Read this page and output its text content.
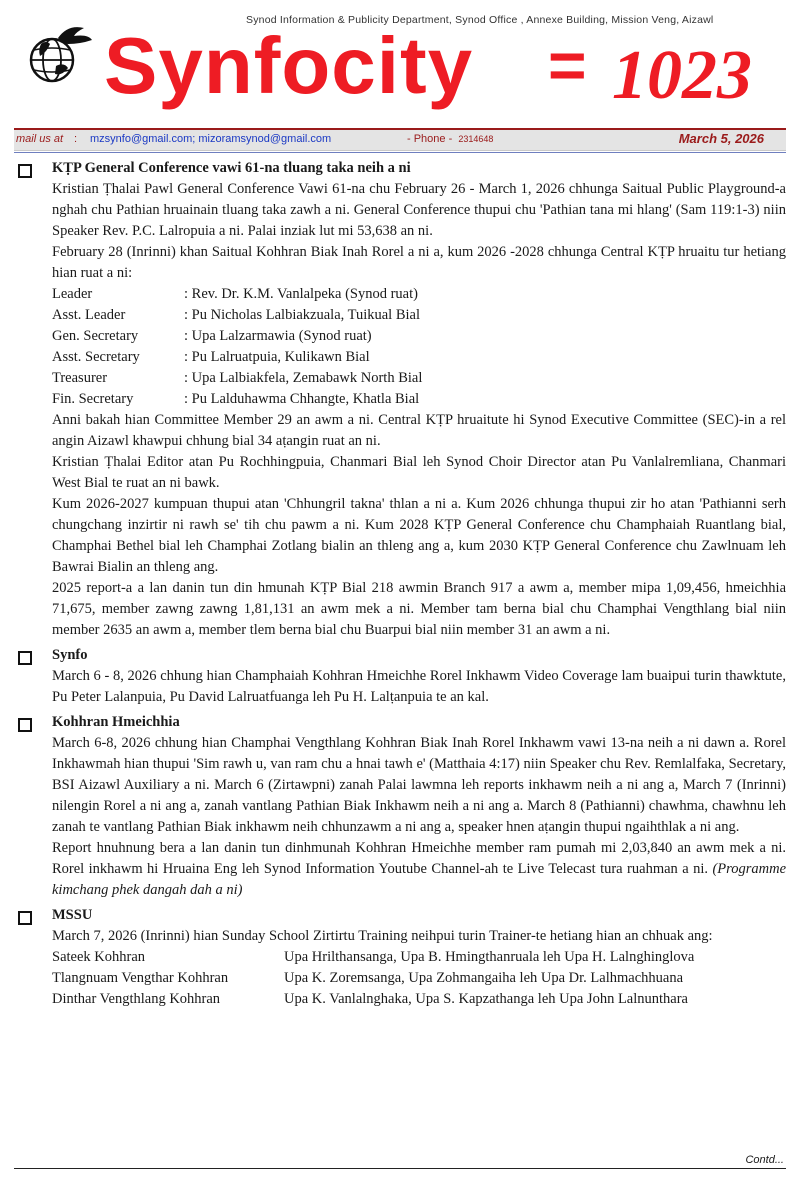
Synod Information & Publicity Department, Synod Office , Annexe Building, Mission Veng, Aizawl
Synfocity = 1023
mail us at : mzsynfo@gmail.com; mizoramsynod@gmail.com	- Phone - 2314648	March 5, 2026
KṬP General Conference vawi 61-na tluang taka neih a ni

Kristian Ṭhalai Pawl General Conference Vawi 61-na chu February 26 - March 1, 2026 chhunga Saitual Public Playground-a nghah chu Pathian hruainain tluang taka zawh a ni. General Conference thupui chu 'Pathian tana mi hlang' (Sam 119:1-3) niin Speaker Rev. P.C. Lalropuia a ni. Palai inziak lut mi 53,638 an ni.

February 28 (Inrinni) khan Saitual Kohhran Biak Inah Rorel a ni a, kum 2026 -2028 chhunga Central KṬP hruaitu tur hetiang hian ruat a ni:

Leader	: Rev. Dr. K.M. Vanlalpeka (Synod ruat)
Asst. Leader	: Pu Nicholas Lalbiakzuala, Tuikual Bial
Gen. Secretary	: Upa Lalzarmawia (Synod ruat)
Asst. Secretary	: Pu Lalruatpuia, Kulikawn Bial
Treasurer	: Upa Lalbiakfela, Zemabawk North Bial
Fin. Secretary	: Pu Lalduhawma Chhangte, Khatla Bial

Anni bakah hian Committee Member 29 an awm a ni. Central KṬP hruaitute hi Synod Executive Committee (SEC)-in a rel angin Aizawl khawpui chhung bial 34 aṭangin ruat an ni.

Kristian Ṭhalai Editor atan Pu Rochhingpuia, Chanmari Bial leh Synod Choir Director atan Pu Vanlalremliana, Chanmari West Bial te ruat an ni bawk.

Kum 2026-2027 kumpuan thupui atan 'Chhungril takna' thlan a ni a. Kum 2026 chhunga thupui zir ho atan 'Pathianni serh chungchang inzirtir ni rawh se' tih chu pawm a ni. Kum 2028 KṬP General Conference chu Champhaiah Ruantlang bial, Champhai Bethel bial leh Champhai Zotlang bialin an thleng ang a, kum 2030 KṬP General Conference chu Zawlnuam leh Bawrai Bialin an thleng ang.

2025 report-a a lan danin tun din hmunah KṬP Bial 218 awmin Branch 917 a awm a, member mipa 1,09,456, hmeichhia 71,675, member zawng zawng 1,81,131 an awm mek a ni. Member tam berna bial chu Champhai Vengthlang bial niin member 2635 an awm a, member tlem berna bial chu Buarpui bial niin member 31 an awm a ni.

Synfo

March 6 - 8, 2026 chhung hian Champhaiah Kohhran Hmeichhe Rorel Inkhawm Video Coverage lam buaipui turin thawktute, Pu Peter Lalanpuia, Pu David Lalruatfuanga leh Pu H. Lalṭanpuia te an kal.

Kohhran Hmeichhia

March 6-8, 2026 chhung hian Champhai Vengthlang Kohhran Biak Inah Rorel Inkhawm vawi 13-na neih a ni dawn a. Rorel Inkhawmah hian thupui 'Sim rawh u, van ram chu a hnai tawh e' (Matthaia 4:17) niin Speaker chu Rev. Remlalfaka, Secretary, BSI Aizawl Auxiliary a ni. March 6 (Zirtawpni) zanah Palai lawmna leh reports inkhawm neih a ni ang a, March 7 (Inrinni) nilengin Rorel a ni ang a, zanah vantlang Pathian Biak Inkhawm neih a ni ang a. March 8 (Pathianni) chawhma, chawhnu leh zanah te vantlang Pathian Biak inkhawm neih chhunzawm a ni ang a, speaker hnen aṭangin thupui ngaihthlak a ni ang.

Report hnuhnung bera a lan danin tun dinhmunah Kohhran Hmeichhe member ram pumah mi 2,03,840 an awm mek a ni. Rorel inkhawm hi Hruaina Eng leh Synod Information Youtube Channel-ah te Live Telecast tura ruahman a ni. (Programme kimchang phek dangah dah a ni)

MSSU

March 7, 2026 (Inrinni) hian Sunday School Zirtirtu Training neihpui turin Trainer-te hetiang hian an chhuak ang:

Sateek Kohhran	Upa Hrilthansanga, Upa B. Hmingthanruala leh Upa H. Lalnghinglova
Tlangnuam Vengthar Kohhran	Upa K. Zoremsanga, Upa Zohmangaiha leh Upa Dr. Lalhmachhuana
Dinthar Vengthlang Kohhran	Upa K. Vanlalnghaka, Upa S. Kapzathanga leh Upa John Lalnunthara
Contd...
